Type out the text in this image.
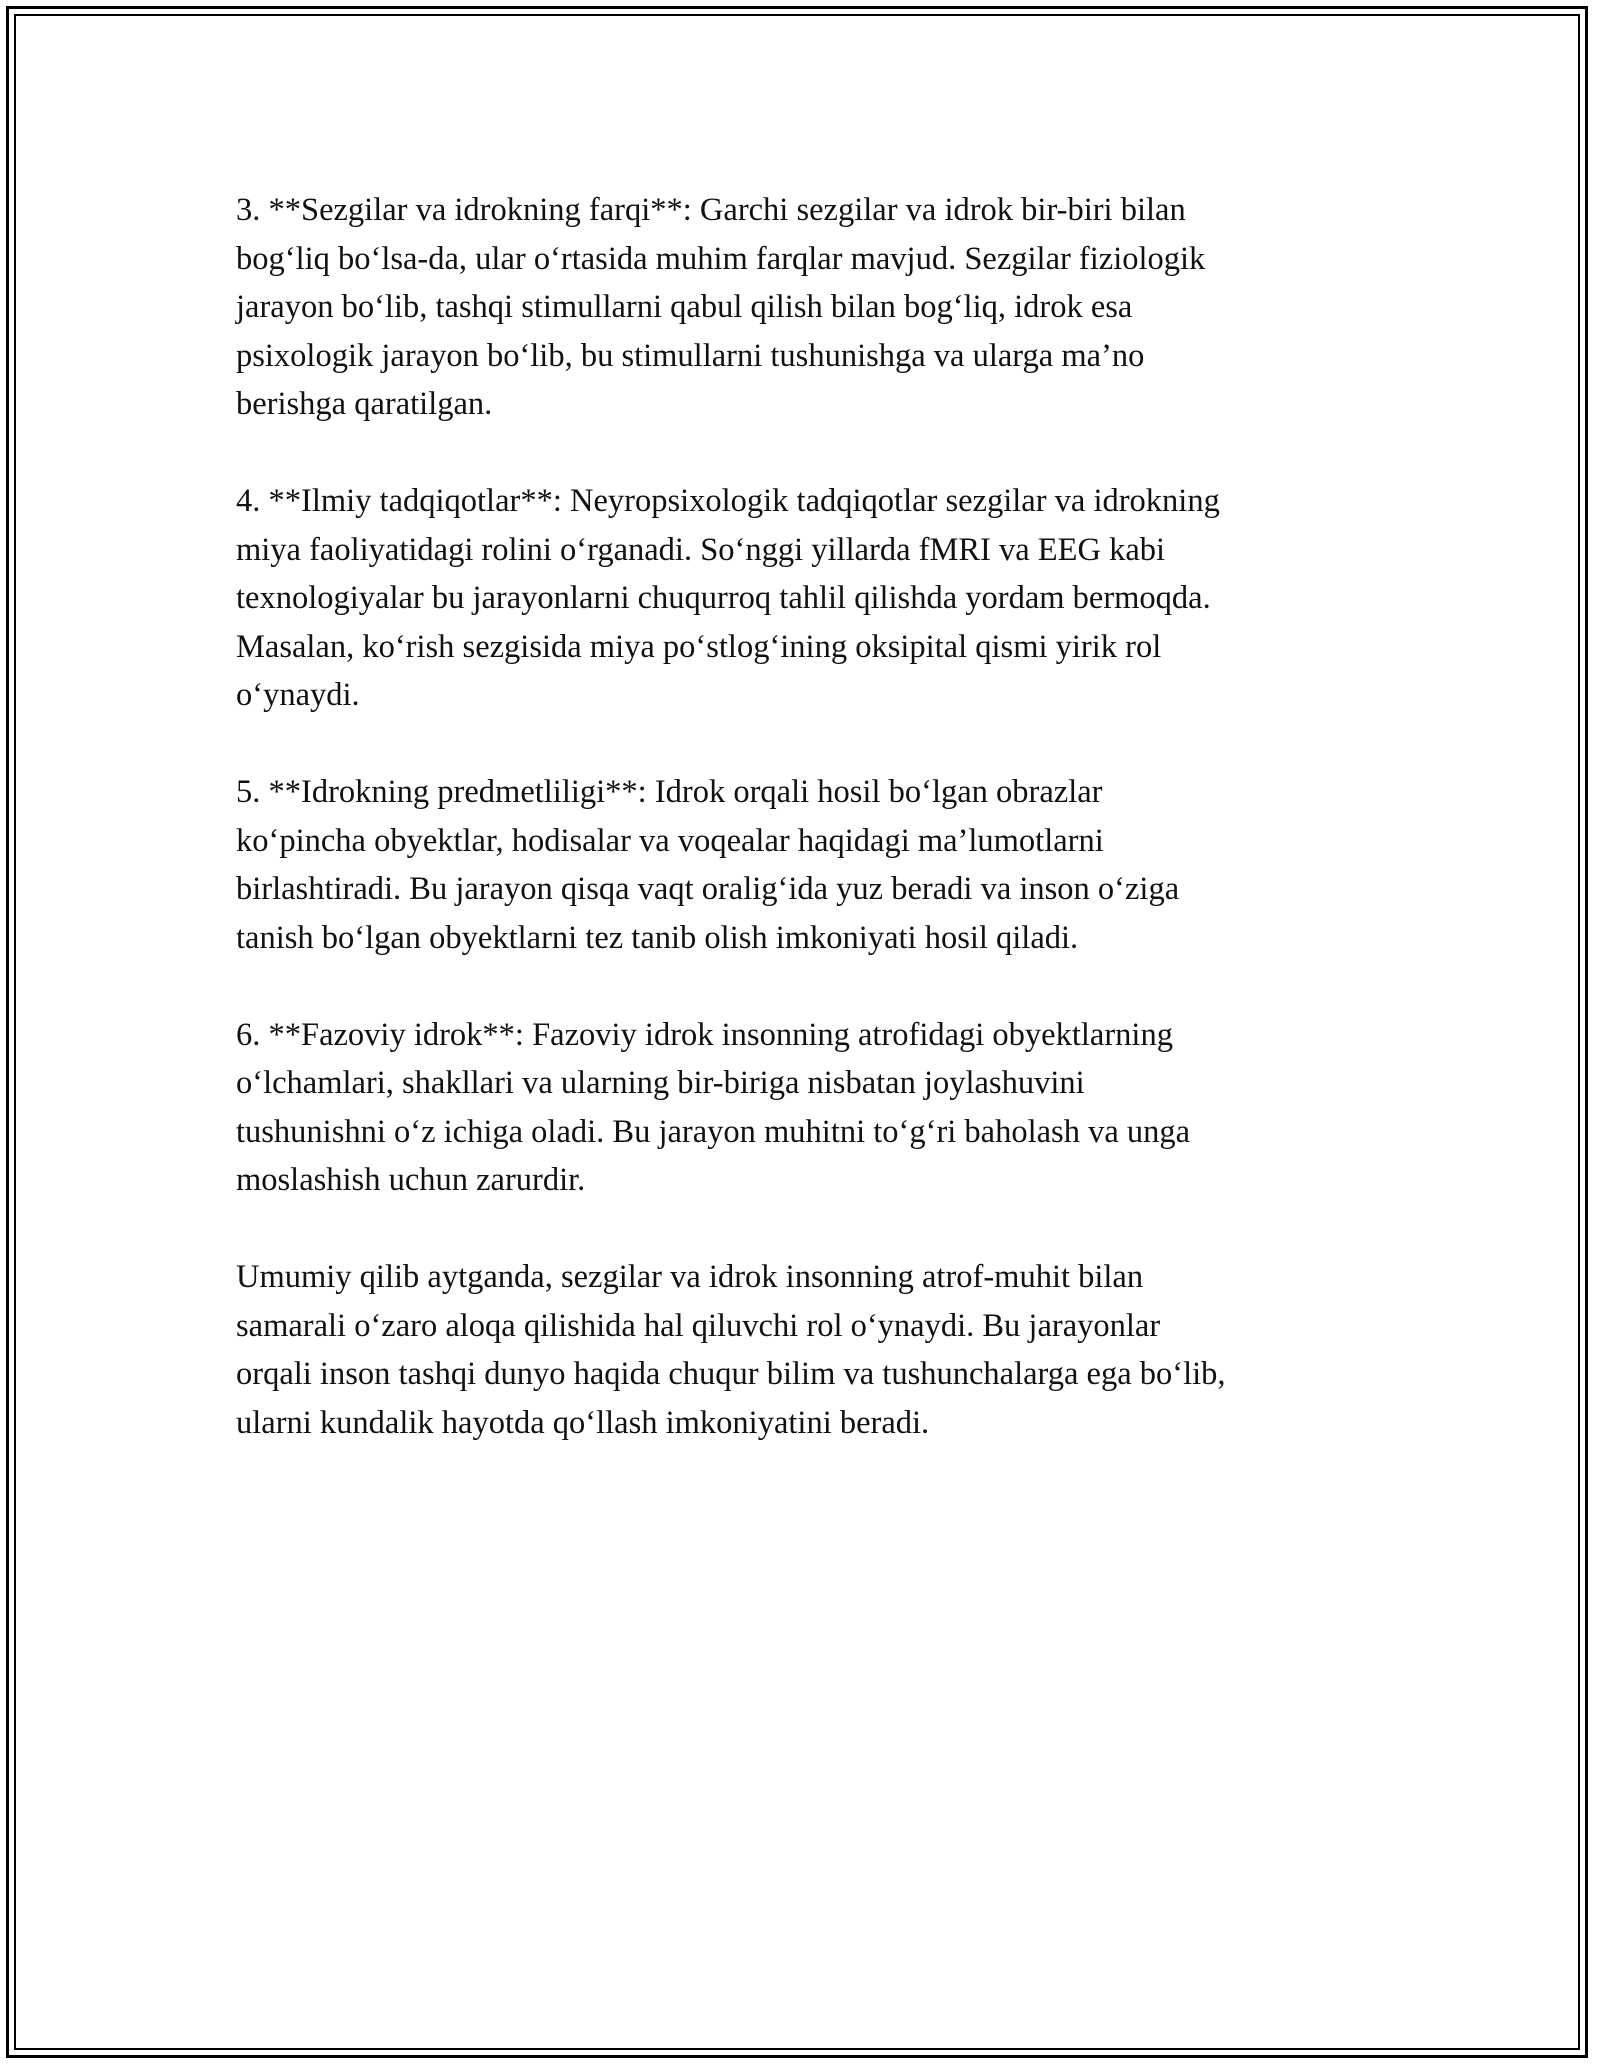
3. **Sezgilar va idrokning farqi**: Garchi sezgilar va idrok bir-biri bilan
bog‘liq bo‘lsa-da, ular o‘rtasida muhim farqlar mavjud. Sezgilar fiziologik
jarayon bo‘lib, tashqi stimullarni qabul qilish bilan bog‘liq, idrok esa
psixologik jarayon bo‘lib, bu stimullarni tushunishga va ularga ma’no
berishga qaratilgan.

4. **Ilmiy tadqiqotlar**: Neyropsixologik tadqiqotlar sezgilar va idrokning
miya faoliyatidagi rolini o‘rganadi. So‘nggi yillarda fMRI va EEG kabi
texnologiyalar bu jarayonlarni chuqurroq tahlil qilishda yordam bermoqda.
Masalan, ko‘rish sezgisida miya po‘stlog‘ining oksipital qismi yirik rol
o‘ynaydi.

5. **Idrokning predmetliligi**: Idrok orqali hosil bo‘lgan obrazlar
ko‘pincha obyektlar, hodisalar va voqealar haqidagi ma’lumotlarni
birlashtiradi. Bu jarayon qisqa vaqt oralig‘ida yuz beradi va inson o‘ziga
tanish bo‘lgan obyektlarni tez tanib olish imkoniyati hosil qiladi.

6. **Fazoviy idrok**: Fazoviy idrok insonning atrofidagi obyektlarning
o‘lchamlari, shakllari va ularning bir-biriga nisbatan joylashuvini
tushunishni o‘z ichiga oladi. Bu jarayon muhitni to‘g‘ri baholash va unga
moslashish uchun zarurdir.

Umumiy qilib aytganda, sezgilar va idrok insonning atrof-muhit bilan
samarali o‘zaro aloqa qilishida hal qiluvchi rol o‘ynaydi. Bu jarayonlar
orqali inson tashqi dunyo haqida chuqur bilim va tushunchalarga ega bo‘lib,
ularni kundalik hayotda qo‘llash imkoniyatini beradi.
